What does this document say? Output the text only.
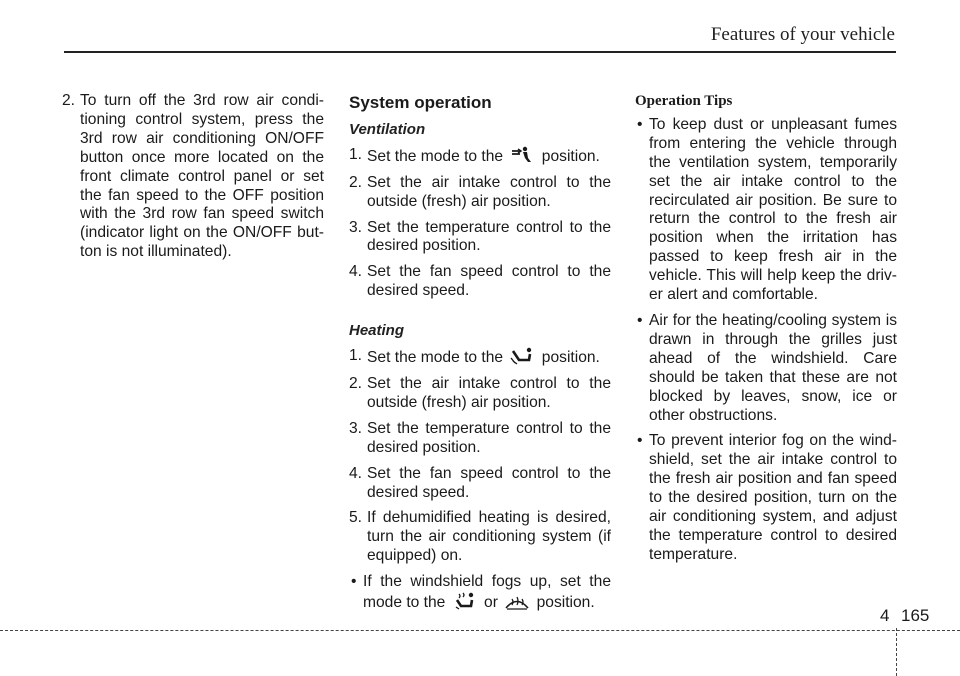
Features of your vehicle
2. To turn off the 3rd row air condi-tioning control system, press the 3rd row air conditioning ON/OFF button once more located on the front climate control panel or set the fan speed to the OFF position with the 3rd row fan speed switch (indicator light on the ON/OFF but-ton is not illuminated).
System operation
Ventilation
1. Set the mode to the position.
2. Set the air intake control to the outside (fresh) air position.
3. Set the temperature control to the desired position.
4. Set the fan speed control to the desired speed.
Heating
1. Set the mode to the position.
2. Set the air intake control to the outside (fresh) air position.
3. Set the temperature control to the desired position.
4. Set the fan speed control to the desired speed.
5. If dehumidified heating is desired, turn the air conditioning system (if equipped) on.
• If the windshield fogs up, set the mode to the or position.
Operation Tips
• To keep dust or unpleasant fumes from entering the vehicle through the ventilation system, temporarily set the air intake control to the recirculated air position. Be sure to return the control to the fresh air position when the irritation has passed to keep fresh air in the vehicle. This will help keep the driv-er alert and comfortable.
• Air for the heating/cooling system is drawn in through the grilles just ahead of the windshield. Care should be taken that these are not blocked by leaves, snow, ice or other obstructions.
• To prevent interior fog on the wind-shield, set the air intake control to the fresh air position and fan speed to the desired position, turn on the air conditioning system, and adjust the temperature control to desired temperature.
4 165
